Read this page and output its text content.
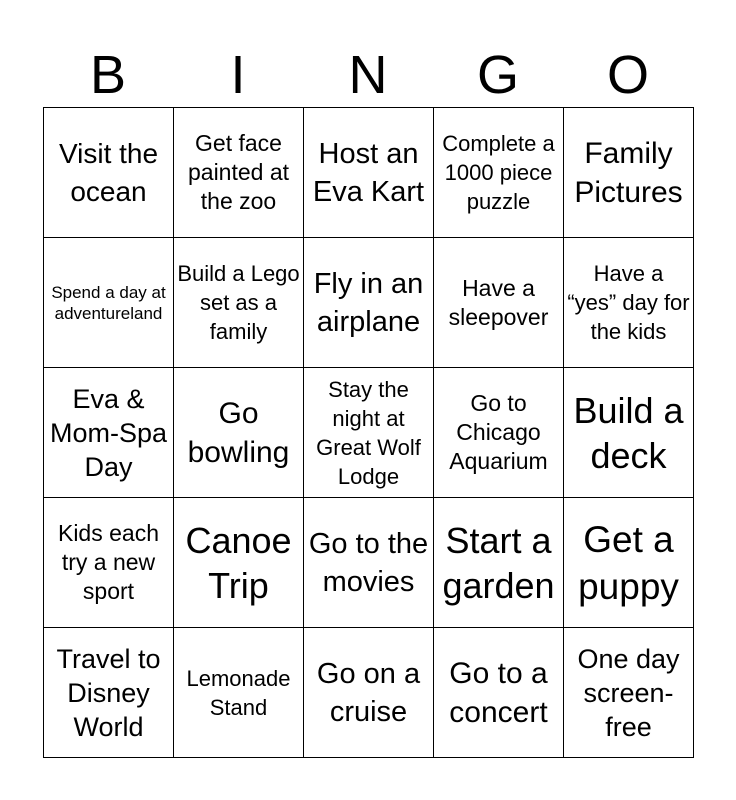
B	I	N	G	O
Visit the ocean	Get face painted at the zoo	Host an Eva Kart	Complete a 1000 piece puzzle	Family Pictures
Spend a day at adventureland	Build a Lego set as a family	Fly in an airplane	Have a sleepover	Have a “yes” day for the kids
Eva & Mom-Spa Day	Go bowling	Stay the night at Great Wolf Lodge	Go to Chicago Aquarium	Build a deck
Kids each try a new sport	Canoe Trip	Go to the movies	Start a garden	Get a puppy
Travel to Disney World	Lemonade Stand	Go on a cruise	Go to a concert	One day screen-free
